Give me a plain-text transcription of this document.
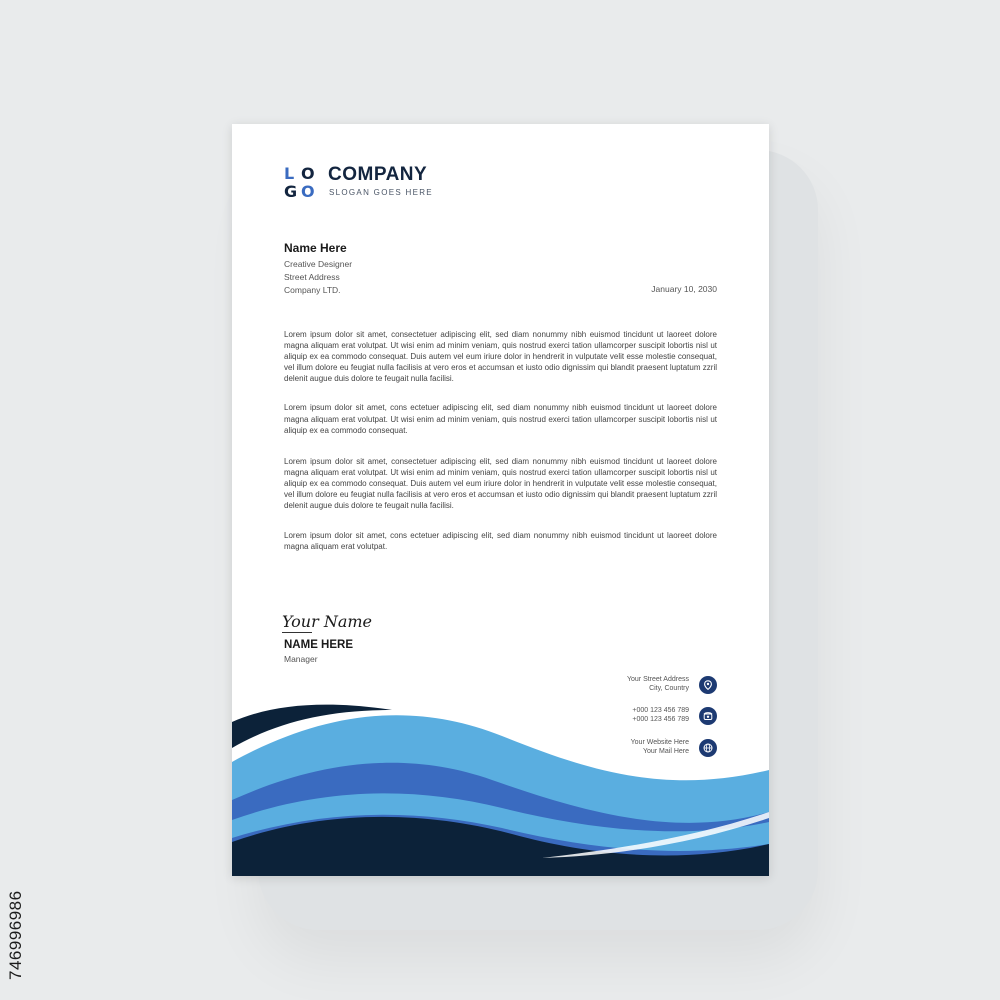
746996986
L O
G O
COMPANY
SLOGAN GOES HERE
Name Here
Creative Designer
Street Address
Company LTD.	January 10, 2030

Lorem ipsum dolor sit amet, consectetuer adipiscing elit, sed diam nonummy nibh euismod tincidunt ut laoreet dolore magna aliquam erat volutpat. Ut wisi enim ad minim veniam, quis nostrud exerci tation ullamcorper suscipit lobortis nisl ut aliquip ex ea commodo consequat. Duis autem vel eum iriure dolor in hendrerit in vulputate velit esse molestie consequat, vel illum dolore eu feugiat nulla facilisis at vero eros et accumsan et iusto odio dignissim qui blandit praesent luptatum zzril delenit augue duis dolore te feugait nulla facilisi.

Lorem ipsum dolor sit amet, cons ectetuer adipiscing elit, sed diam nonummy nibh euismod tincidunt ut laoreet dolore magna aliquam erat volutpat. Ut wisi enim ad minim veniam, quis nostrud exerci tation ullamcorper suscipit lobortis nisl ut aliquip ex ea commodo consequat.

Lorem ipsum dolor sit amet, consectetuer adipiscing elit, sed diam nonummy nibh euismod tincidunt ut laoreet dolore magna aliquam erat volutpat. Ut wisi enim ad minim veniam, quis nostrud exerci tation ullamcorper suscipit lobortis nisl ut aliquip ex ea commodo consequat. Duis autem vel eum iriure dolor in hendrerit in vulputate velit esse molestie consequat, vel illum dolore eu feugiat nulla facilisis at vero eros et accumsan et iusto odio dignissim qui blandit praesent luptatum zzril delenit augue duis dolore te feugait nulla facilisi.

Lorem ipsum dolor sit amet, cons ectetuer adipiscing elit, sed diam nonummy nibh euismod tincidunt ut laoreet dolore magna aliquam erat volutpat.

Your Name
NAME HERE
Manager
Your Street Address
City, Country
+000 123 456 789
+000 123 456 789
Your Website Here
Your Mail Here
